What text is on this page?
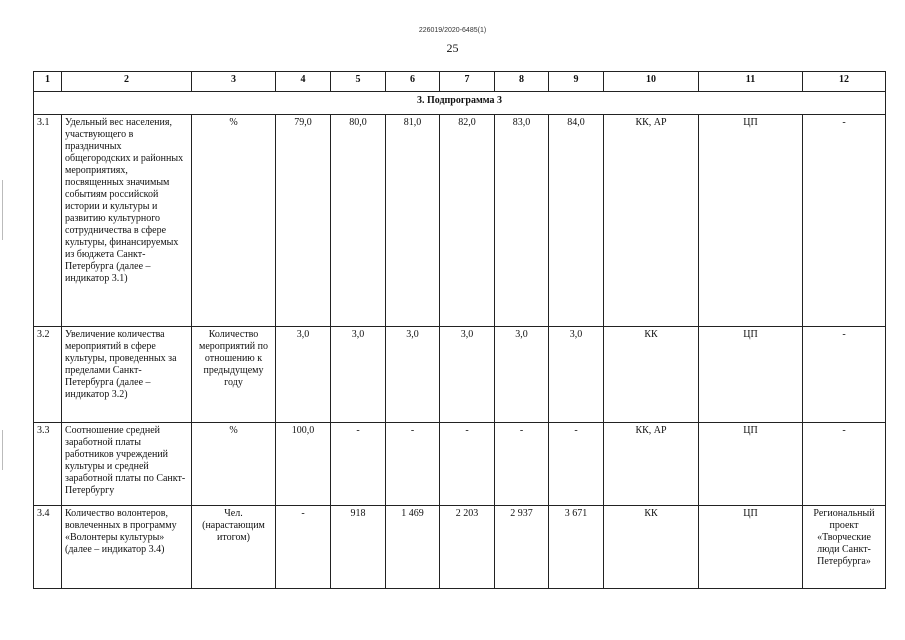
226019/2020-6485(1)
25
1	2	3	4	5	6	7	8	9	10	11	12
3. Подпрограмма 3											
3.1	Удельный вес населения, участвующего в праздничных общегородских и районных мероприятиях, посвященных значимым событиям российской истории и культуры и развитию культурного сотрудничества в сфере культуры, финансируемых из бюджета Санкт-Петербурга (далее – индикатор 3.1)	%	79,0	80,0	81,0	82,0	83,0	84,0	КК, АР	ЦП	-
3.2	Увеличение количества мероприятий в сфере культуры, проведенных за пределами Санкт-Петербурга (далее – индикатор 3.2)	Количество мероприятий по отношению к предыдущему году	3,0	3,0	3,0	3,0	3,0	3,0	КК	ЦП	-
3.3	Соотношение средней заработной платы работников учреждений культуры и средней заработной платы по Санкт-Петербургу	%	100,0	-	-	-	-	-	КК, АР	ЦП	-
3.4	Количество волонтеров, вовлеченных в программу «Волонтеры культуры» (далее – индикатор 3.4)	Чел. (нарастающим итогом)	-	918	1 469	2 203	2 937	3 671	КК	ЦП	Региональный проект «Творческие люди Санкт-Петербурга»
